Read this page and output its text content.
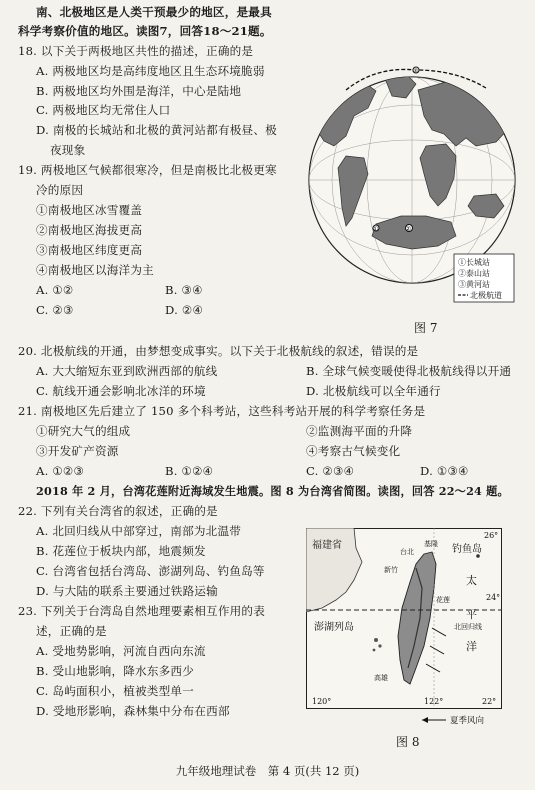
南、北极地区是人类干预最少的地区，是最具
科学考察价值的地区。读图7，回答18～21题。
18. 以下关于两极地区共性的描述，正确的是
A. 两极地区均是高纬度地区且生态环境脆弱
B. 两极地区均外围是海洋，中心是陆地
C. 两极地区均无常住人口
D. 南极的长城站和北极的黄河站都有极昼、极
夜现象
19. 两极地区气候都很寒冷，但是南极比北极更寒
冷的原因
①南极地区冰雪覆盖
②南极地区海拔更高
③南极地区纬度更高
④南极地区以海洋为主
A. ①②	B. ③④
C. ②③	D. ②④
③
②
①
①长城站
②泰山站
③黄河站
北极航道
图 7
20. 北极航线的开通，由梦想变成事实。以下关于北极航线的叙述，错误的是
A. 大大缩短东亚到欧洲西部的航线	B. 全球气候变暖使得北极航线得以开通
C. 航线开通会影响北冰洋的环境	D. 北极航线可以全年通行
21. 南极地区先后建立了 150 多个科考站，这些科考站开展的科学考察任务是
①研究大气的组成	②监测海平面的升降
③开发矿产资源	④考察古气候变化
A. ①②③	B. ①②④	C. ②③④	D. ①③④
2018 年 2 月，台湾花莲附近海域发生地震。图 8 为台湾省简图。读图，回答 22～24 题。
22. 下列有关台湾省的叙述，正确的是
A. 北回归线从中部穿过，南部为北温带
B. 花莲位于板块内部，地震频发
C. 台湾省包括台湾岛、澎湖列岛、钓鱼岛等
D. 与大陆的联系主要通过铁路运输
23. 下列关于台湾岛自然地理要素相互作用的表
述，正确的是
A. 受地势影响，河流自西向东流
B. 受山地影响，降水东多西少
C. 岛屿面积小，植被类型单一
D. 受地形影响，森林集中分布在西部
福建省
台北
基隆
新竹
花莲
钓鱼岛
太
平
洋
北回归线
澎湖列岛
高雄
26°
24°
22°
120°	122°
夏季风向
图 8
九年级地理试卷　第 4 页(共 12 页)
